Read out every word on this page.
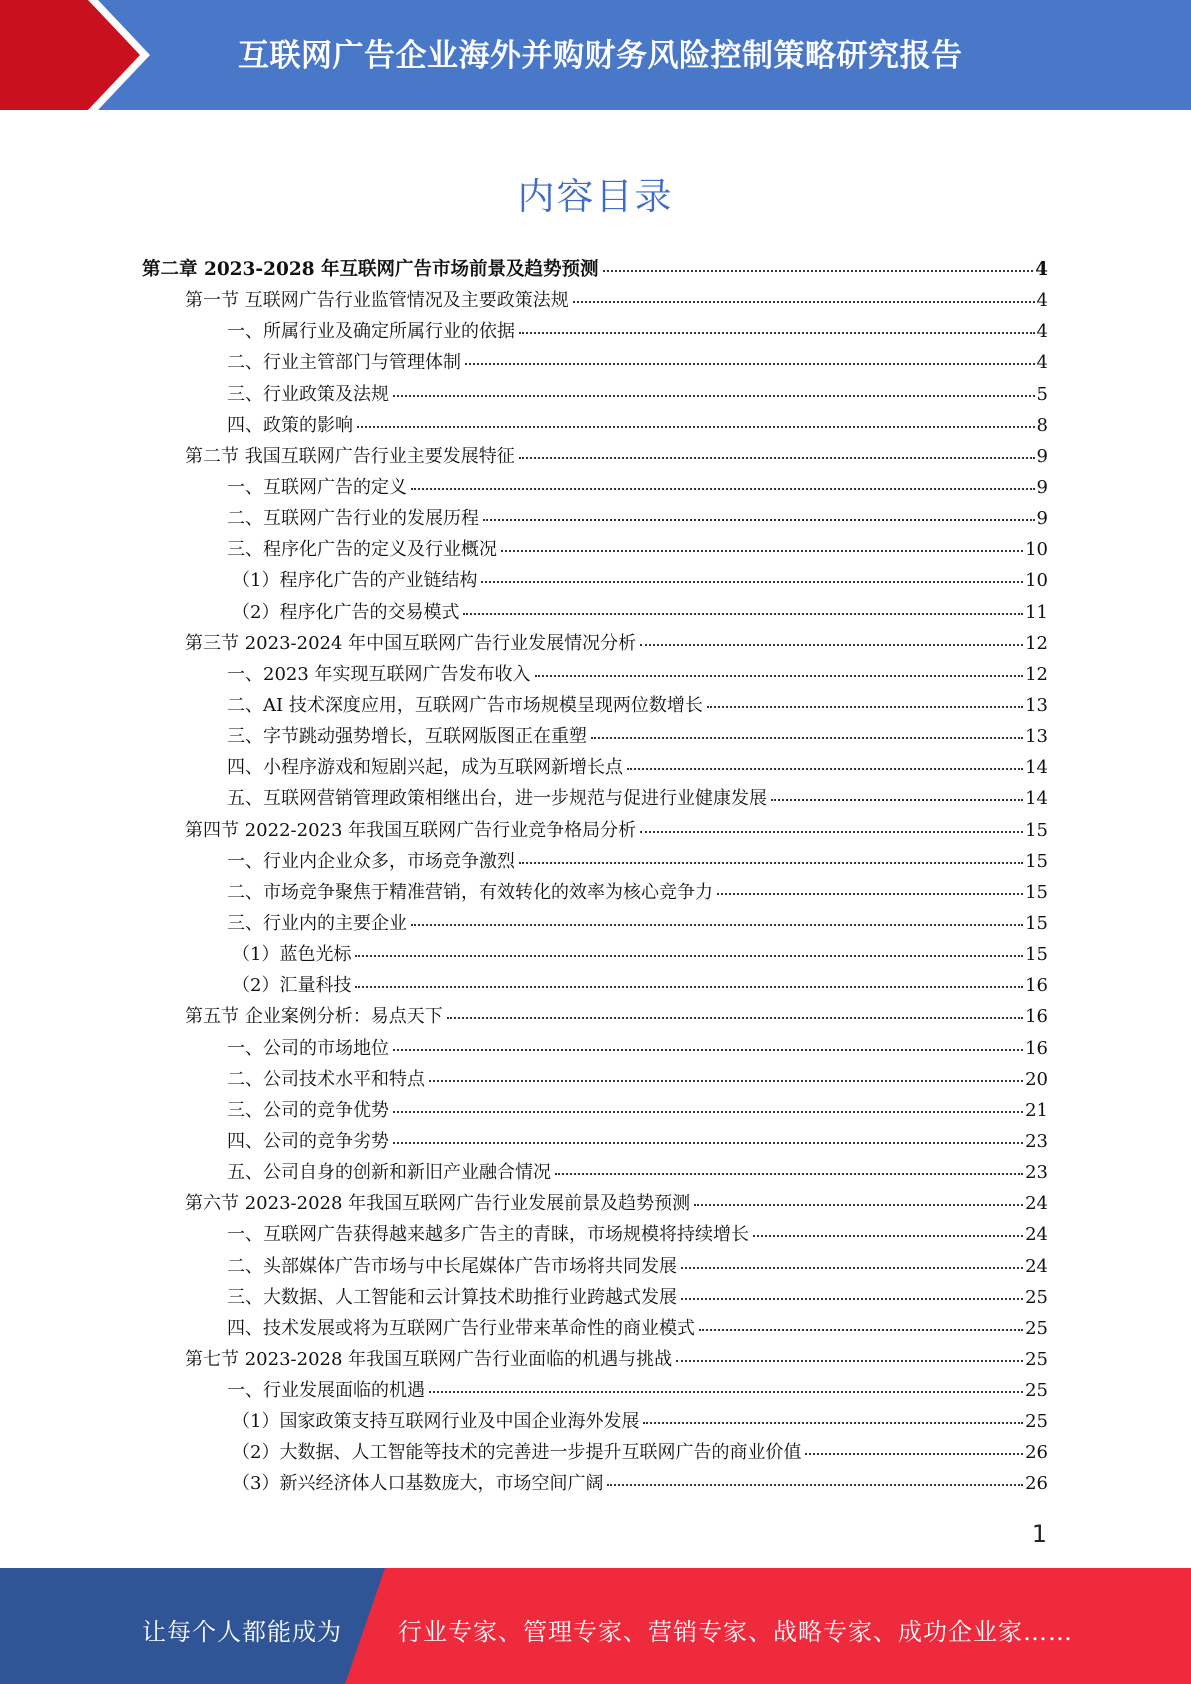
互联网广告企业海外并购财务风险控制策略研究报告
内容目录
第二章 2023-2028 年互联网广告市场前景及趋势预测	4
第一节 互联网广告行业监管情况及主要政策法规	4
一、所属行业及确定所属行业的依据	4
二、行业主管部门与管理体制	4
三、行业政策及法规	5
四、政策的影响	8
第二节 我国互联网广告行业主要发展特征	9
一、互联网广告的定义	9
二、互联网广告行业的发展历程	9
三、程序化广告的定义及行业概况	10
（1）程序化广告的产业链结构	10
（2）程序化广告的交易模式	11
第三节 2023-2024 年中国互联网广告行业发展情况分析	12
一、2023 年实现互联网广告发布收入	12
二、AI 技术深度应用，互联网广告市场规模呈现两位数增长	13
三、字节跳动强势增长，互联网版图正在重塑	13
四、小程序游戏和短剧兴起，成为互联网新增长点	14
五、互联网营销管理政策相继出台，进一步规范与促进行业健康发展	14
第四节 2022-2023 年我国互联网广告行业竞争格局分析	15
一、行业内企业众多，市场竞争激烈	15
二、市场竞争聚焦于精准营销，有效转化的效率为核心竞争力	15
三、行业内的主要企业	15
（1）蓝色光标	15
（2）汇量科技	16
第五节 企业案例分析：易点天下	16
一、公司的市场地位	16
二、公司技术水平和特点	20
三、公司的竞争优势	21
四、公司的竞争劣势	23
五、公司自身的创新和新旧产业融合情况	23
第六节 2023-2028 年我国互联网广告行业发展前景及趋势预测	24
一、互联网广告获得越来越多广告主的青睐，市场规模将持续增长	24
二、头部媒体广告市场与中长尾媒体广告市场将共同发展	24
三、大数据、人工智能和云计算技术助推行业跨越式发展	25
四、技术发展或将为互联网广告行业带来革命性的商业模式	25
第七节 2023-2028 年我国互联网广告行业面临的机遇与挑战	25
一、行业发展面临的机遇	25
（1）国家政策支持互联网行业及中国企业海外发展	25
（2）大数据、人工智能等技术的完善进一步提升互联网广告的商业价值	26
（3）新兴经济体人口基数庞大，市场空间广阔	26
1
让每个人都能成为 行业专家、管理专家、营销专家、战略专家、成功企业家……
